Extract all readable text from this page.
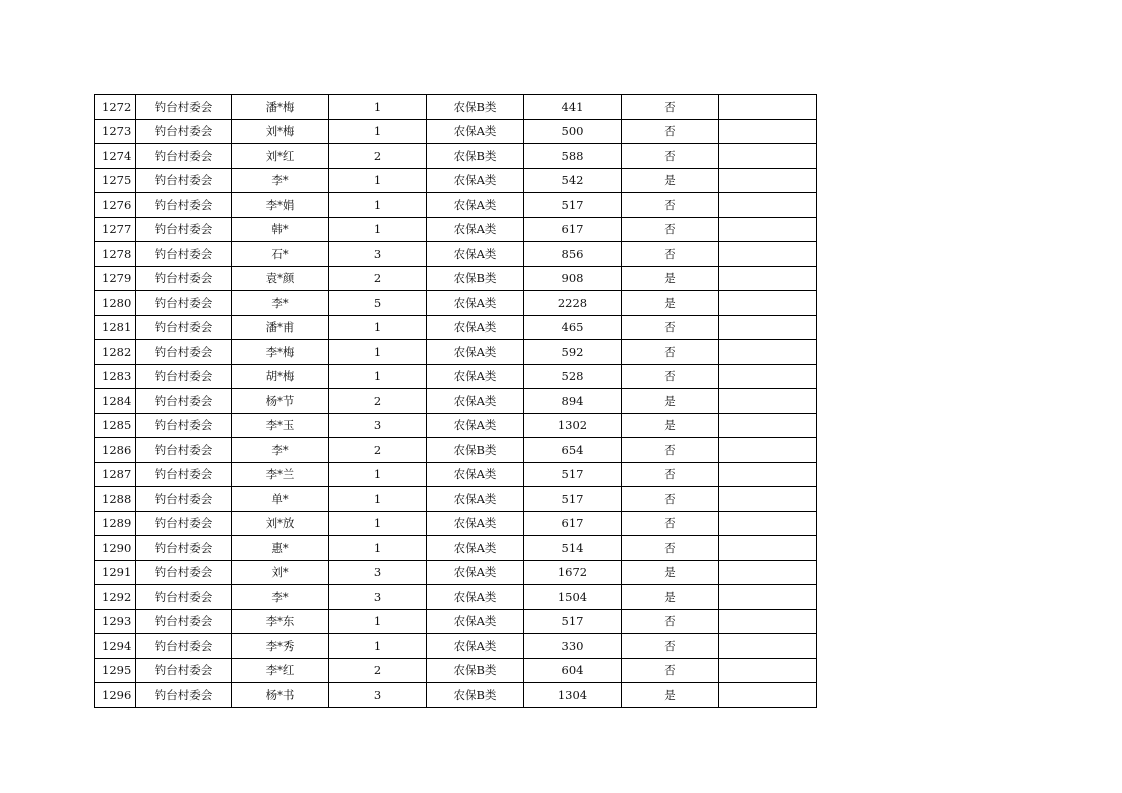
1272	钓台村委会	潘*梅	1	农保B类	441	否	
1273	钓台村委会	刘*梅	1	农保A类	500	否	
1274	钓台村委会	刘*红	2	农保B类	588	否	
1275	钓台村委会	李*	1	农保A类	542	是	
1276	钓台村委会	李*娟	1	农保A类	517	否	
1277	钓台村委会	韩*	1	农保A类	617	否	
1278	钓台村委会	石*	3	农保A类	856	否	
1279	钓台村委会	袁*颜	2	农保B类	908	是	
1280	钓台村委会	李*	5	农保A类	2228	是	
1281	钓台村委会	潘*甫	1	农保A类	465	否	
1282	钓台村委会	李*梅	1	农保A类	592	否	
1283	钓台村委会	胡*梅	1	农保A类	528	否	
1284	钓台村委会	杨*节	2	农保A类	894	是	
1285	钓台村委会	李*玉	3	农保A类	1302	是	
1286	钓台村委会	李*	2	农保B类	654	否	
1287	钓台村委会	李*兰	1	农保A类	517	否	
1288	钓台村委会	单*	1	农保A类	517	否	
1289	钓台村委会	刘*放	1	农保A类	617	否	
1290	钓台村委会	惠*	1	农保A类	514	否	
1291	钓台村委会	刘*	3	农保A类	1672	是	
1292	钓台村委会	李*	3	农保A类	1504	是	
1293	钓台村委会	李*东	1	农保A类	517	否	
1294	钓台村委会	李*秀	1	农保A类	330	否	
1295	钓台村委会	李*红	2	农保B类	604	否	
1296	钓台村委会	杨*书	3	农保B类	1304	是	
